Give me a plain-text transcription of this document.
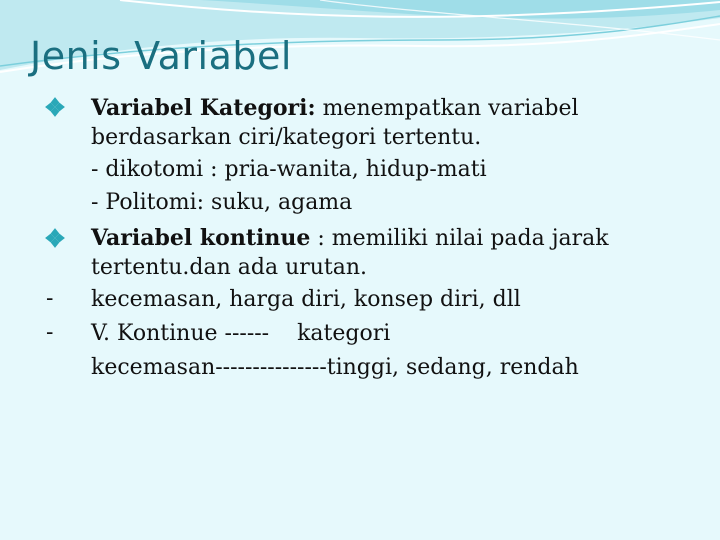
Jenis Variabel
Variabel Kategori: menempatkan variabel
berdasarkan ciri/kategori tertentu.
- dikotomi : pria-wanita, hidup-mati
- Politomi: suku, agama
Variabel kontinue : memiliki nilai pada jarak
tertentu.dan ada urutan.
- kecemasan, harga diri, konsep diri, dll
- V. Kontinue ------    kategori
kecemasan---------------tinggi, sedang, rendah
